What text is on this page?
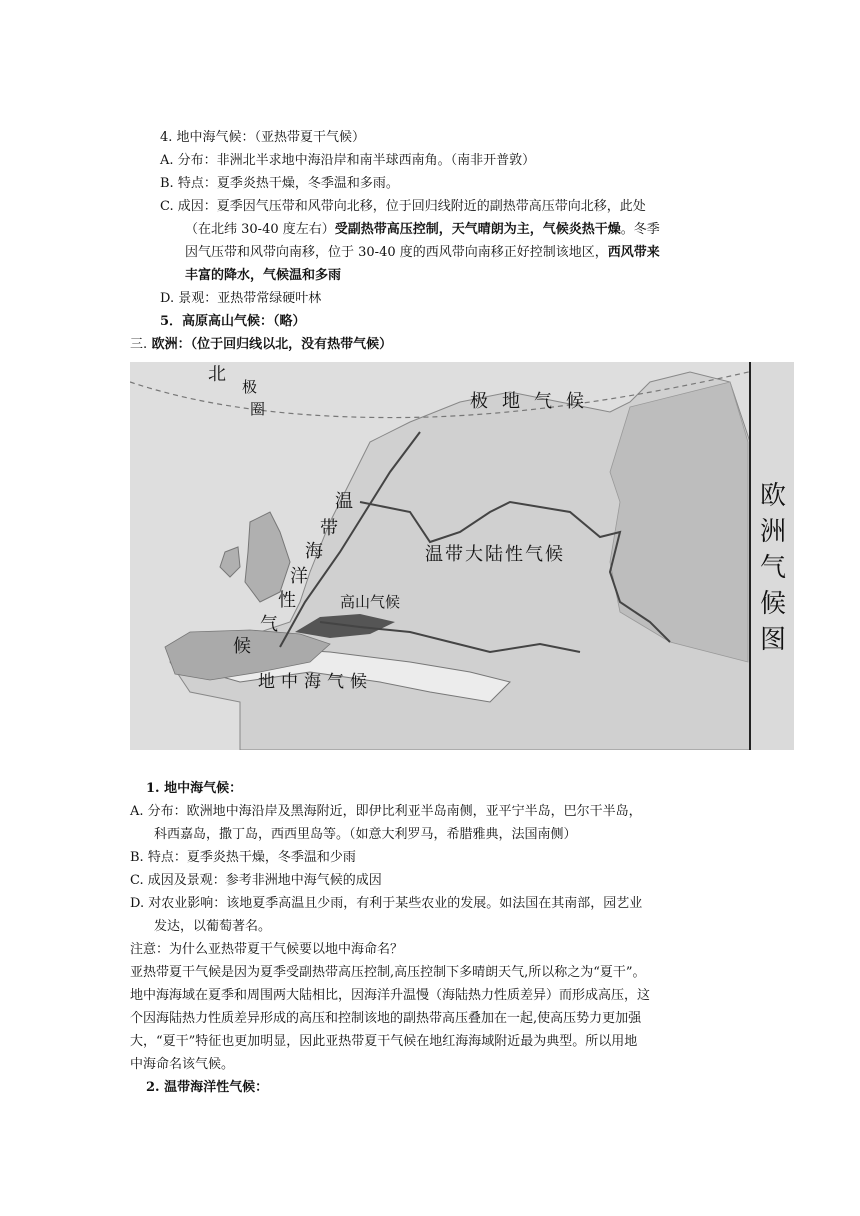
4. 地中海气候：（亚热带夏干气候）
A. 分布：非洲北半求地中海沿岸和南半球西南角。（南非开普敦）
B. 特点：夏季炎热干燥，冬季温和多雨。
C. 成因：夏季因气压带和风带向北移，位于回归线附近的副热带高压带向北移，此处
（在北纬 30-40 度左右）受副热带高压控制，天气晴朗为主，气候炎热干燥。冬季
因气压带和风带向南移，位于 30-40 度的西风带向南移正好控制该地区，西风带来
丰富的降水，气候温和多雨
D. 景观：亚热带常绿硬叶林
5．高原高山气候：（略）
三. 欧洲：（位于回归线以北，没有热带气候）
北
极
圈	极地气候
温
带
海
洋
性
气
候
温带大陆性气候
高山气候
地中海气候
欧
洲
气
候
图
1. 地中海气候：
A. 分布：欧洲地中海沿岸及黑海附近，即伊比利亚半岛南侧，亚平宁半岛，巴尔干半岛，
科西嘉岛，撒丁岛，西西里岛等。（如意大利罗马，希腊雅典，法国南侧）
B. 特点：夏季炎热干燥，冬季温和少雨
C. 成因及景观：参考非洲地中海气候的成因
D. 对农业影响：该地夏季高温且少雨，有利于某些农业的发展。如法国在其南部，园艺业
发达，以葡萄著名。
注意：为什么亚热带夏干气候要以地中海命名？
亚热带夏干气候是因为夏季受副热带高压控制,高压控制下多晴朗天气,所以称之为“夏干”。
地中海海域在夏季和周围两大陆相比，因海洋升温慢（海陆热力性质差异）而形成高压，这
个因海陆热力性质差异形成的高压和控制该地的副热带高压叠加在一起,使高压势力更加强
大，“夏干”特征也更加明显，因此亚热带夏干气候在地红海海域附近最为典型。所以用地
中海命名该气候。
2. 温带海洋性气候：
